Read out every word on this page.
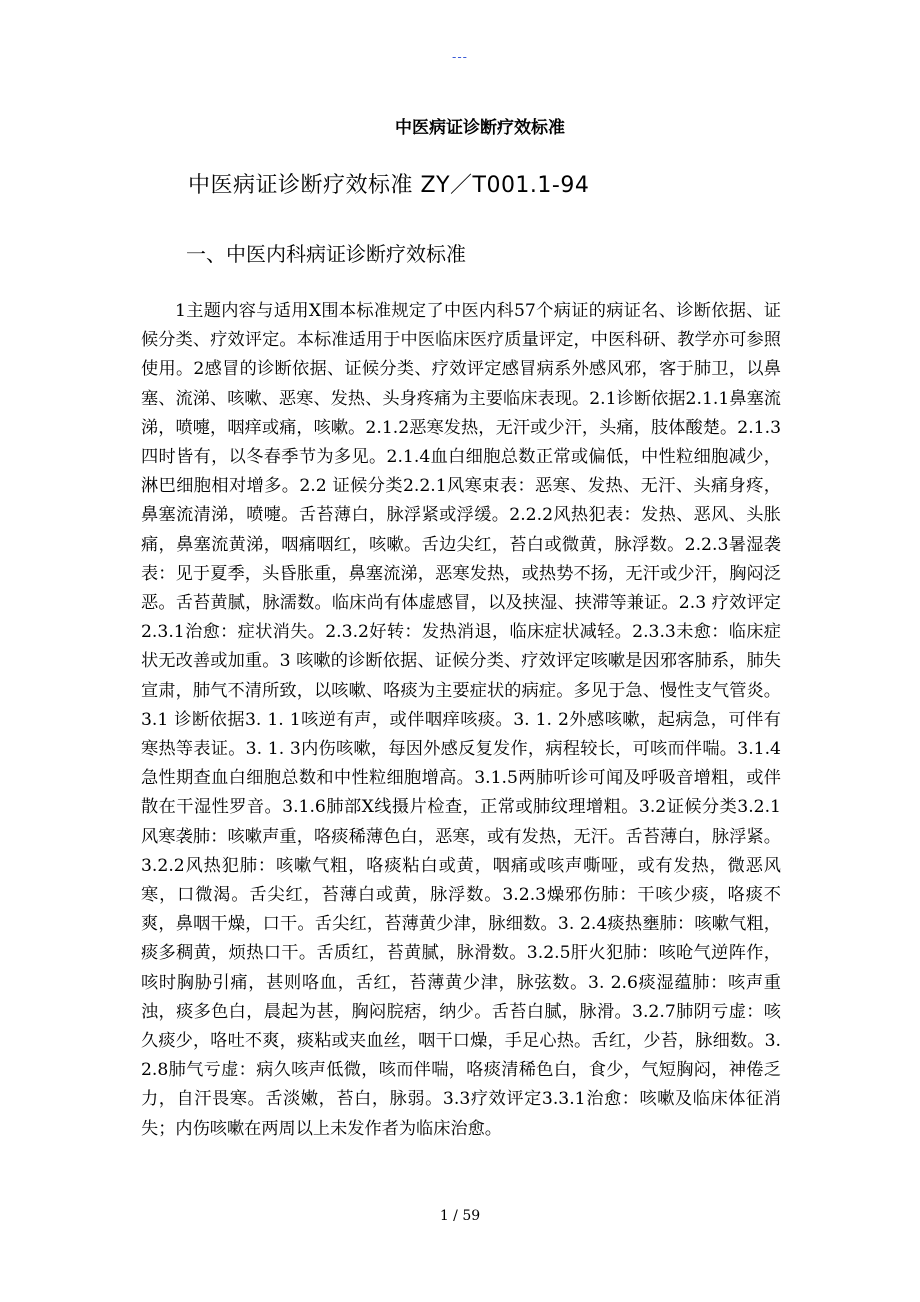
---
中医病证诊断疗效标准
中医病证诊断疗效标准 ZY／T001.1-94
一、中医内科病证诊断疗效标准

1主题内容与适用X围本标准规定了中医内科57个病证的病证名、诊断依据、证候分类、疗效评定。本标准适用于中医临床医疗质量评定，中医科研、教学亦可参照使用。2感冒的诊断依据、证候分类、疗效评定感冒病系外感风邪，客于肺卫，以鼻塞、流涕、咳嗽、恶寒、发热、头身疼痛为主要临床表现。2.1诊断依据2.1.1鼻塞流涕，喷嚏，咽痒或痛，咳嗽。2.1.2恶寒发热，无汗或少汗，头痛，肢体酸楚。2.1.3四时皆有，以冬春季节为多见。2.1.4血白细胞总数正常或偏低，中性粒细胞减少，淋巴细胞相对增多。2.2 证候分类2.2.1风寒束表：恶寒、发热、无汗、头痛身疼，鼻塞流清涕，喷嚏。舌苔薄白，脉浮紧或浮缓。2.2.2风热犯表：发热、恶风、头胀痛，鼻塞流黄涕，咽痛咽红，咳嗽。舌边尖红，苔白或微黄，脉浮数。2.2.3暑湿袭表：见于夏季，头昏胀重，鼻塞流涕，恶寒发热，或热势不扬，无汗或少汗，胸闷泛恶。舌苔黄腻，脉濡数。临床尚有体虚感冒，以及挟湿、挟滞等兼证。2.3 疗效评定2.3.1治愈：症状消失。2.3.2好转：发热消退，临床症状减轻。2.3.3未愈：临床症状无改善或加重。3 咳嗽的诊断依据、证候分类、疗效评定咳嗽是因邪客肺系，肺失宣肃，肺气不清所致，以咳嗽、咯痰为主要症状的病症。多见于急、慢性支气管炎。3.1 诊断依据3. 1. 1咳逆有声，或伴咽痒咳痰。3. 1. 2外感咳嗽，起病急，可伴有寒热等表证。3. 1. 3内伤咳嗽，每因外感反复发作，病程较长，可咳而伴喘。3.1.4急性期查血白细胞总数和中性粒细胞增高。3.1.5两肺听诊可闻及呼吸音增粗，或伴散在干湿性罗音。3.1.6肺部X线摄片检查，正常或肺纹理增粗。3.2证候分类3.2.1风寒袭肺：咳嗽声重，咯痰稀薄色白，恶寒，或有发热，无汗。舌苔薄白，脉浮紧。3.2.2风热犯肺：咳嗽气粗，咯痰粘白或黄，咽痛或咳声嘶哑，或有发热，微恶风寒，口微渴。舌尖红，苔薄白或黄，脉浮数。3.2.3燥邪伤肺：干咳少痰，咯痰不爽，鼻咽干燥，口干。舌尖红，苔薄黄少津，脉细数。3. 2.4痰热壅肺：咳嗽气粗，痰多稠黄，烦热口干。舌质红，苔黄腻，脉滑数。3.2.5肝火犯肺：咳呛气逆阵作，咳时胸胁引痛，甚则咯血，舌红，苔薄黄少津，脉弦数。3. 2.6痰湿蕴肺：咳声重浊，痰多色白，晨起为甚，胸闷脘痞，纳少。舌苔白腻，脉滑。3.2.7肺阴亏虚：咳久痰少，咯吐不爽，痰粘或夹血丝，咽干口燥，手足心热。舌红，少苔，脉细数。3.2.8肺气亏虚：病久咳声低微，咳而伴喘，咯痰清稀色白，食少，气短胸闷，神倦乏力，自汗畏寒。舌淡嫩，苔白，脉弱。3.3疗效评定3.3.1治愈：咳嗽及临床体征消失；内伤咳嗽在两周以上未发作者为临床治愈。

1 / 59
